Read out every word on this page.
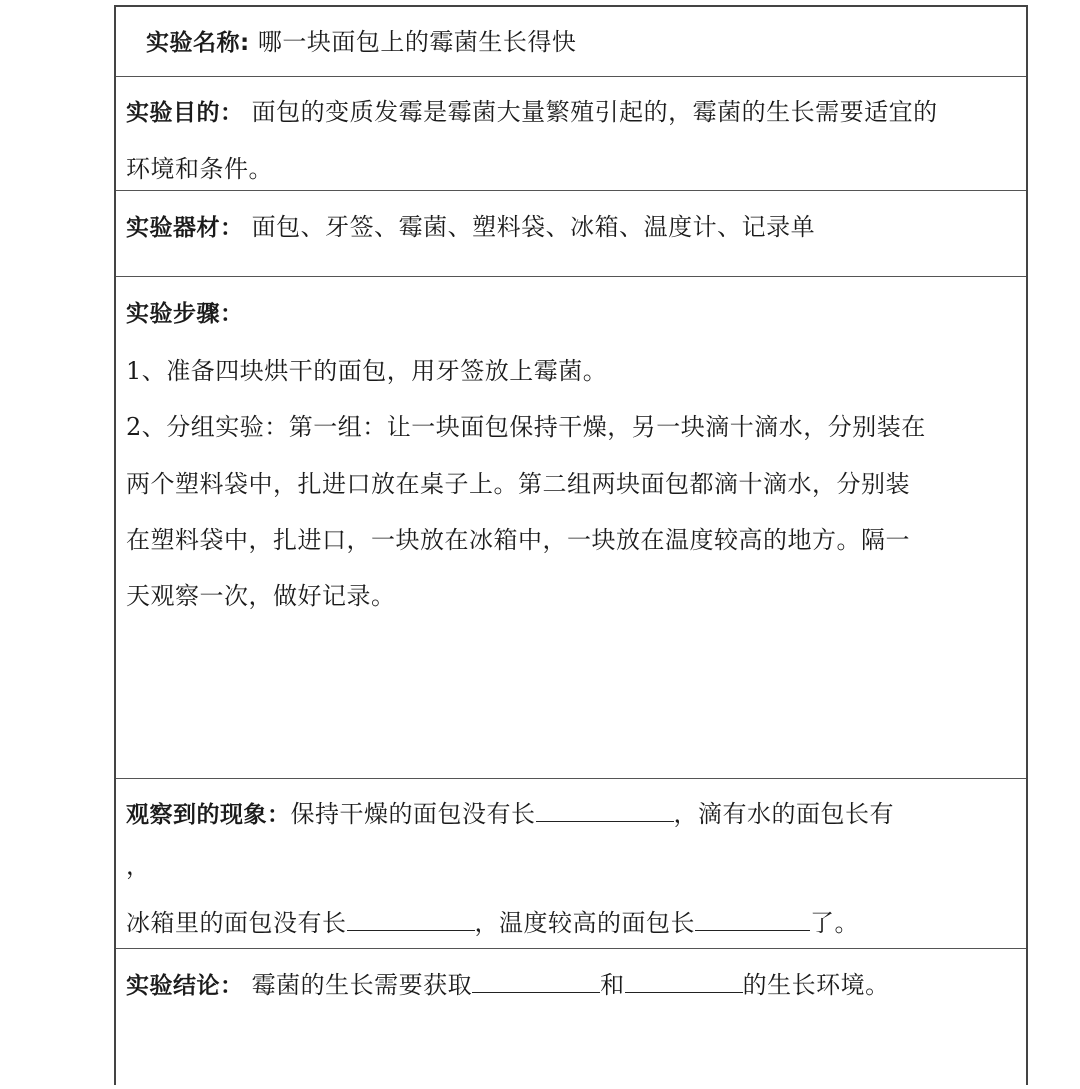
实验名称: 哪一块面包上的霉菌生长得快
实验目的： 面包的变质发霉是霉菌大量繁殖引起的，霉菌的生长需要适宜的
环境和条件。
实验器材： 面包、牙签、霉菌、塑料袋、冰箱、温度计、记录单
实验步骤：
1、准备四块烘干的面包，用牙签放上霉菌。
2、分组实验：第一组：让一块面包保持干燥，另一块滴十滴水，分别装在
两个塑料袋中，扎进口放在桌子上。第二组两块面包都滴十滴水，分别装
在塑料袋中，扎进口，一块放在冰箱中，一块放在温度较高的地方。隔一
天观察一次，做好记录。
观察到的现象：保持干燥的面包没有长	，滴有水的面包长有
，
冰箱里的面包没有长	，温度较高的面包长	了。
实验结论： 霉菌的生长需要获取	和	的生长环境。
